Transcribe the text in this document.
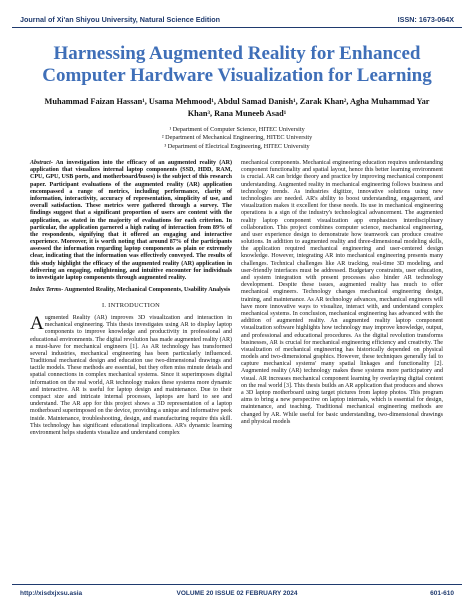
Journal of Xi'an Shiyou University, Natural Science Edition	ISSN: 1673-064X
Harnessing Augmented Reality for Enhanced Computer Hardware Visualization for Learning
Muhammad Faizan Hassan¹, Usama Mehmood¹, Abdul Samad Danish¹, Zarak Khan², Agha Muhammad Yar
Khan³, Rana Muneeb Asad¹
¹ Department of Computer Science, HITEC University
² Department of Mechanical Engineering, HITEC University
³ Department of Electrical Engineering, HITEC University

Abstract- An investigation into the efficacy of an augmented reality (AR) application that visualizes internal laptop components (SSD, HDD, RAM, CPU, GPU, USB ports, and motherboard/buses) is the subject of this research paper. Participant evaluations of the augmented reality (AR) application encompassed a range of metrics, including performance, clarity of information, interactivity, accuracy of representation, simplicity of use, and overall satisfaction. These metrics were gathered through a survey. The findings suggest that a significant proportion of users are content with the application, as stated in the majority of evaluations for each criterion. In particular, the application garnered a high rating of interaction from 89% of the respondents, signifying that it offered an engaging and interactive experience. Moreover, it is worth noting that around 87% of the participants assessed the information regarding laptop components as plain or extremely clear, indicating that the information was effectively conveyed. The results of this study highlight the efficacy of the augmented reality (AR) application in delivering an engaging, enlightening, and intuitive encounter for individuals to investigate laptop components through augmented reality.

Index Terms- Augmented Reality, Mechanical Components, Usability Analysis

I. INTRODUCTION

Augmented Reality (AR) improves 3D visualization and interaction in mechanical engineering. This thesis investigates using AR to display laptop components to improve knowledge and productivity in professional and educational environments. The digital revolution has made augmented reality (AR) a must-have for mechanical engineers [1]. As AR technology has transformed several industries, mechanical engineering has been particularly influenced. Traditional mechanical design and education use two-dimensional drawings and tactile models. These methods are essential, but they often miss minute details and spatial connections in complex mechanical systems. Since it superimposes digital information on the real world, AR technology makes these systems more dynamic and interactive. AR is useful for laptop design and maintenance. Due to their compact size and intricate internal processes, laptops are hard to see and understand. The AR app for this project shows a 3D representation of a laptop motherboard superimposed on the device, providing a unique and informative peek inside. Maintenance, troubleshooting, design, and manufacturing require this skill. This technology has significant educational implications. AR's dynamic learning environment helps students visualize and understand complex

mechanical components. Mechanical engineering education requires understanding component functionality and spatial layout, hence this better learning environment is crucial. AR can bridge theory and practice by improving mechanical component understanding. Augmented reality in mechanical engineering follows business and technology trends. As industries digitize, innovative solutions using new technologies are needed. AR's ability to boost understanding, engagement, and visualization makes it excellent for these needs. Its use in mechanical engineering operations is a sign of the industry's technological advancement. The augmented reality laptop component visualization app emphasizes interdisciplinary collaboration. This project combines computer science, mechanical engineering, and user experience design to demonstrate how teamwork can produce creative solutions. In addition to augmented reality and three-dimensional modeling skills, the application required mechanical engineering and user-centered design knowledge. However, integrating AR into mechanical engineering presents many challenges. Technical challenges like AR tracking, real-time 3D modeling, and user-friendly interfaces must be addressed. Budgetary constraints, user education, and system integration with present processes also hinder AR technology development. Despite these issues, augmented reality has much to offer mechanical engineers. Technology changes mechanical engineering design, training, and maintenance. As AR technology advances, mechanical engineers will have more innovative ways to visualize, interact with, and understand complex mechanical systems. In conclusion, mechanical engineering has advanced with the addition of augmented reality. An augmented reality laptop component visualization software highlights how technology may improve knowledge, output, and professional and educational procedures. As the digital revolution transforms businesses, AR is crucial for mechanical engineering efficiency and creativity. The visualization of mechanical engineering has historically depended on physical models and two-dimensional graphics. However, these techniques generally fail to capture mechanical systems' many spatial linkages and functionality [2]. Augmented reality (AR) technology makes these systems more participatory and visual. AR increases mechanical component learning by overlaying digital content on the real world [3]. This thesis builds an AR application that produces and shows a 3D laptop motherboard using target pictures from laptop photos. This program aims to bring a new perspective on laptop internals, which is essential for design, maintenance, and teaching. Traditional mechanical engineering methods are changed by AR. While useful for basic understanding, two-dimensional drawings and physical models

http://xisdxjxsu.asia	VOLUME 20 ISSUE 02 FEBRUARY 2024	601-610
